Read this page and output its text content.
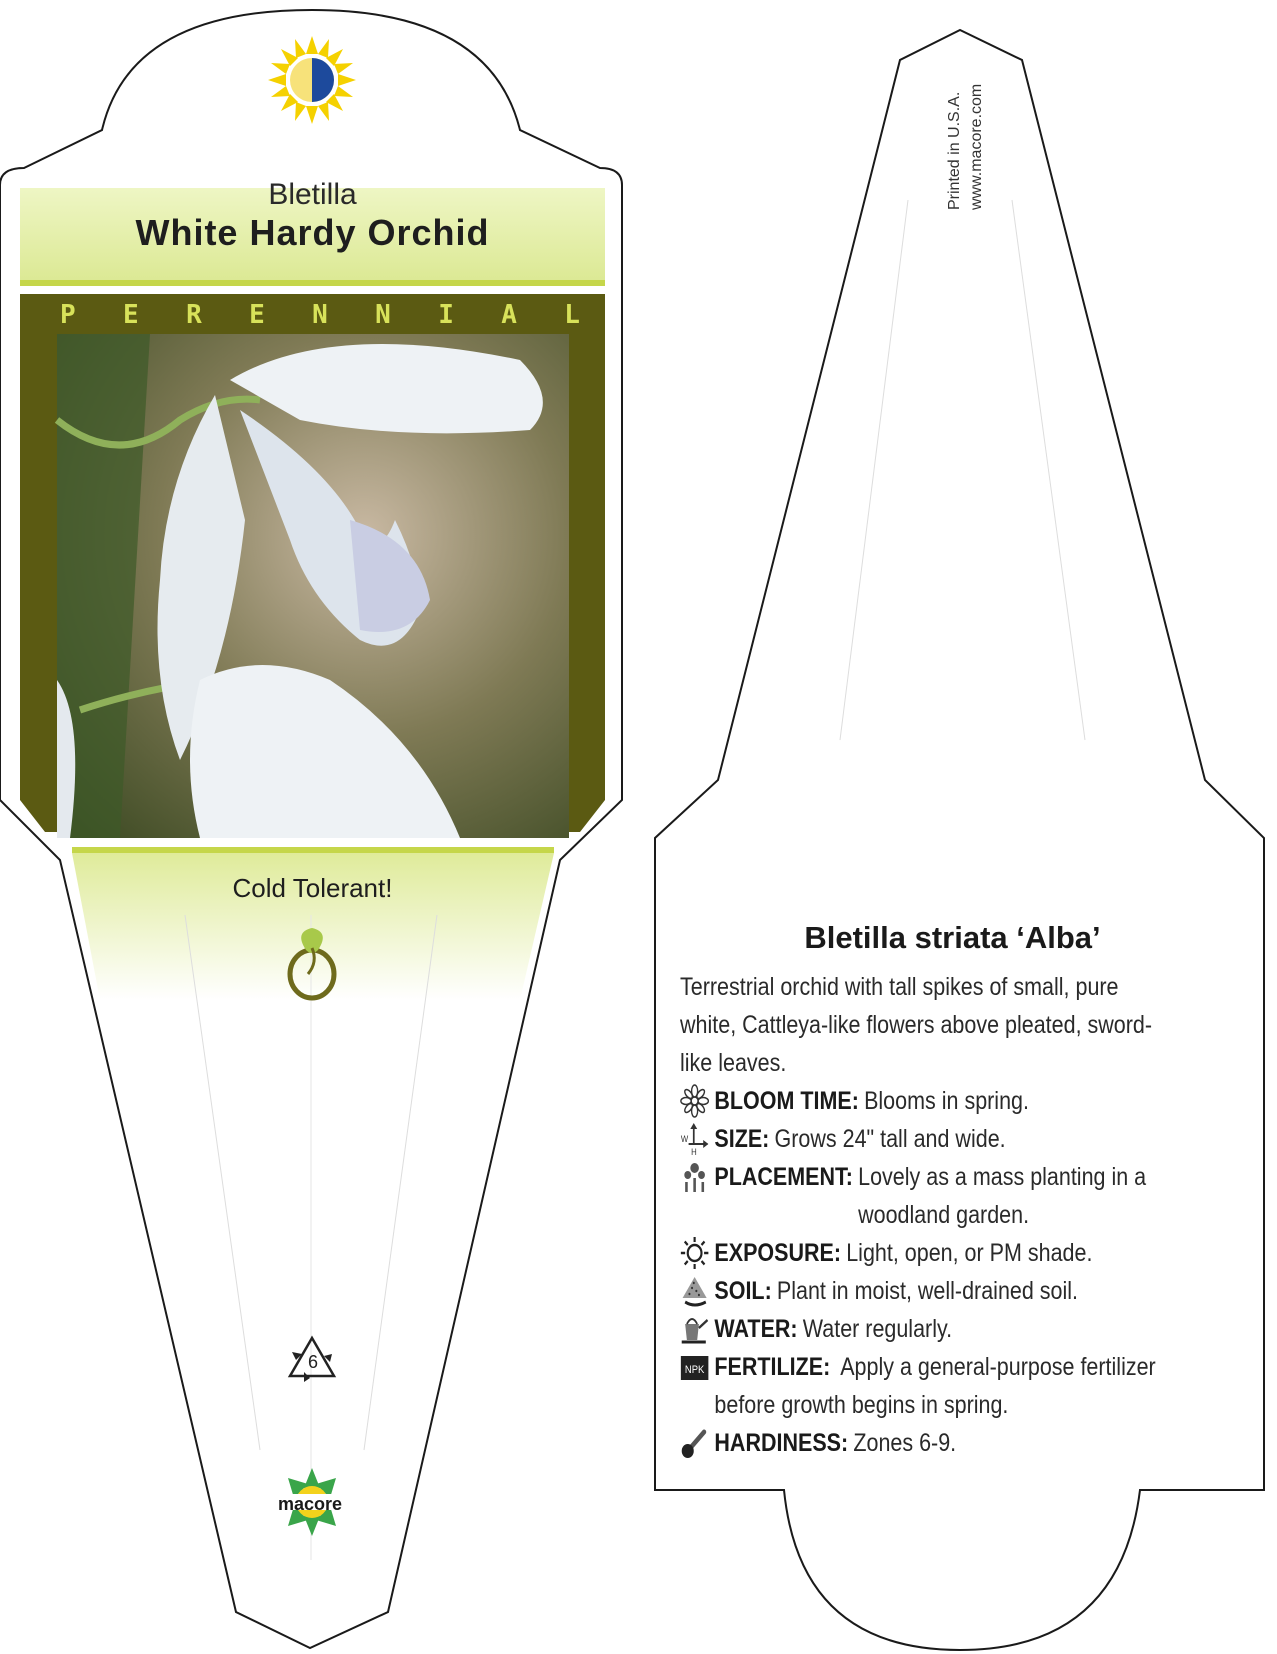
Bletilla
White Hardy Orchid
P E R E N N I A L
Cold Tolerant!
6
macore
Printed in U.S.A. www.macore.com
Bletilla striata ‘Alba’

Terrestrial orchid with tall spikes of small, pure white, Cattleya-like flowers above pleated, sword-like leaves.

BLOOM TIME: Blooms in spring.
W
H SIZE: Grows 24" tall and wide.
PLACEMENT: Lovely as a mass planting in a woodland garden.
EXPOSURE: Light, open, or PM shade.
SOIL: Plant in moist, well-drained soil.
WATER: Water regularly.
NPK FERTILIZE: Apply a general-purpose fertilizer before growth begins in spring.
HARDINESS: Zones 6-9.
